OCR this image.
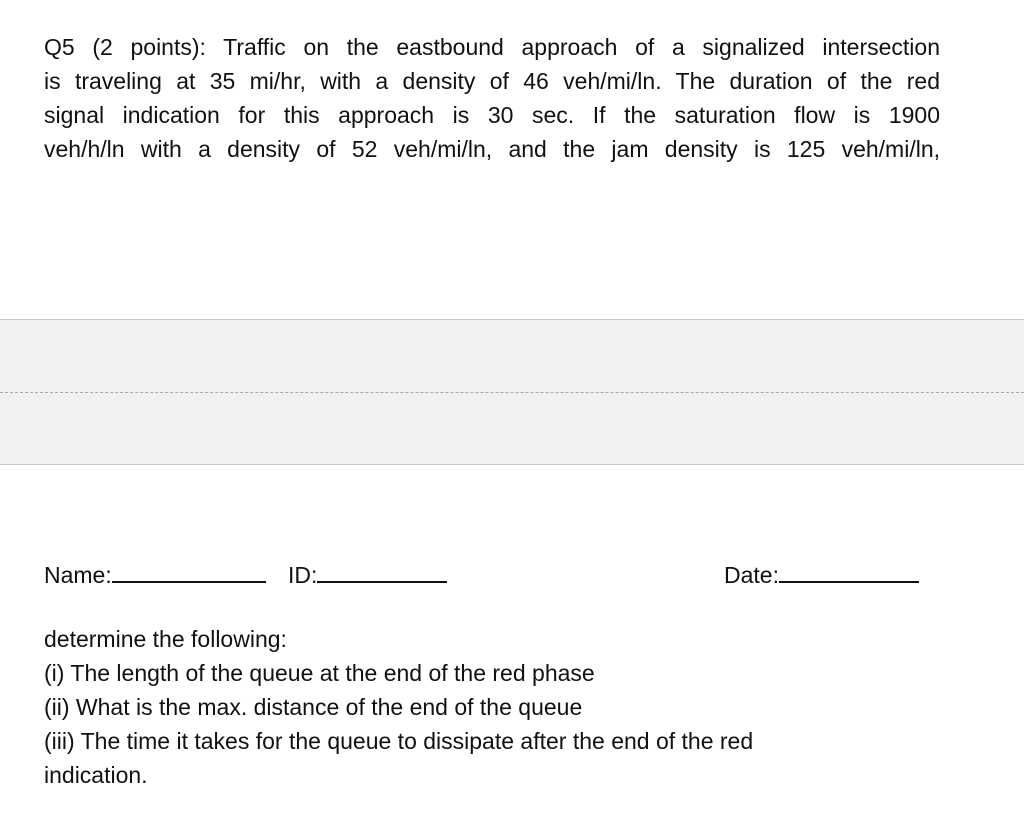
Q5 (2 points): Traffic on the eastbound approach of a signalized intersection
is traveling at 35 mi/hr, with a density of 46 veh/mi/ln. The duration of the red
signal indication for this approach is 30 sec. If the saturation flow is 1900
veh/h/ln with a density of 52 veh/mi/ln, and the jam density is 125 veh/mi/ln,
Name:	ID:	Date:
determine the following:
(i) The length of the queue at the end of the red phase
(ii) What is the max. distance of the end of the queue
(iii) The time it takes for the queue to dissipate after the end of the red
indication.
